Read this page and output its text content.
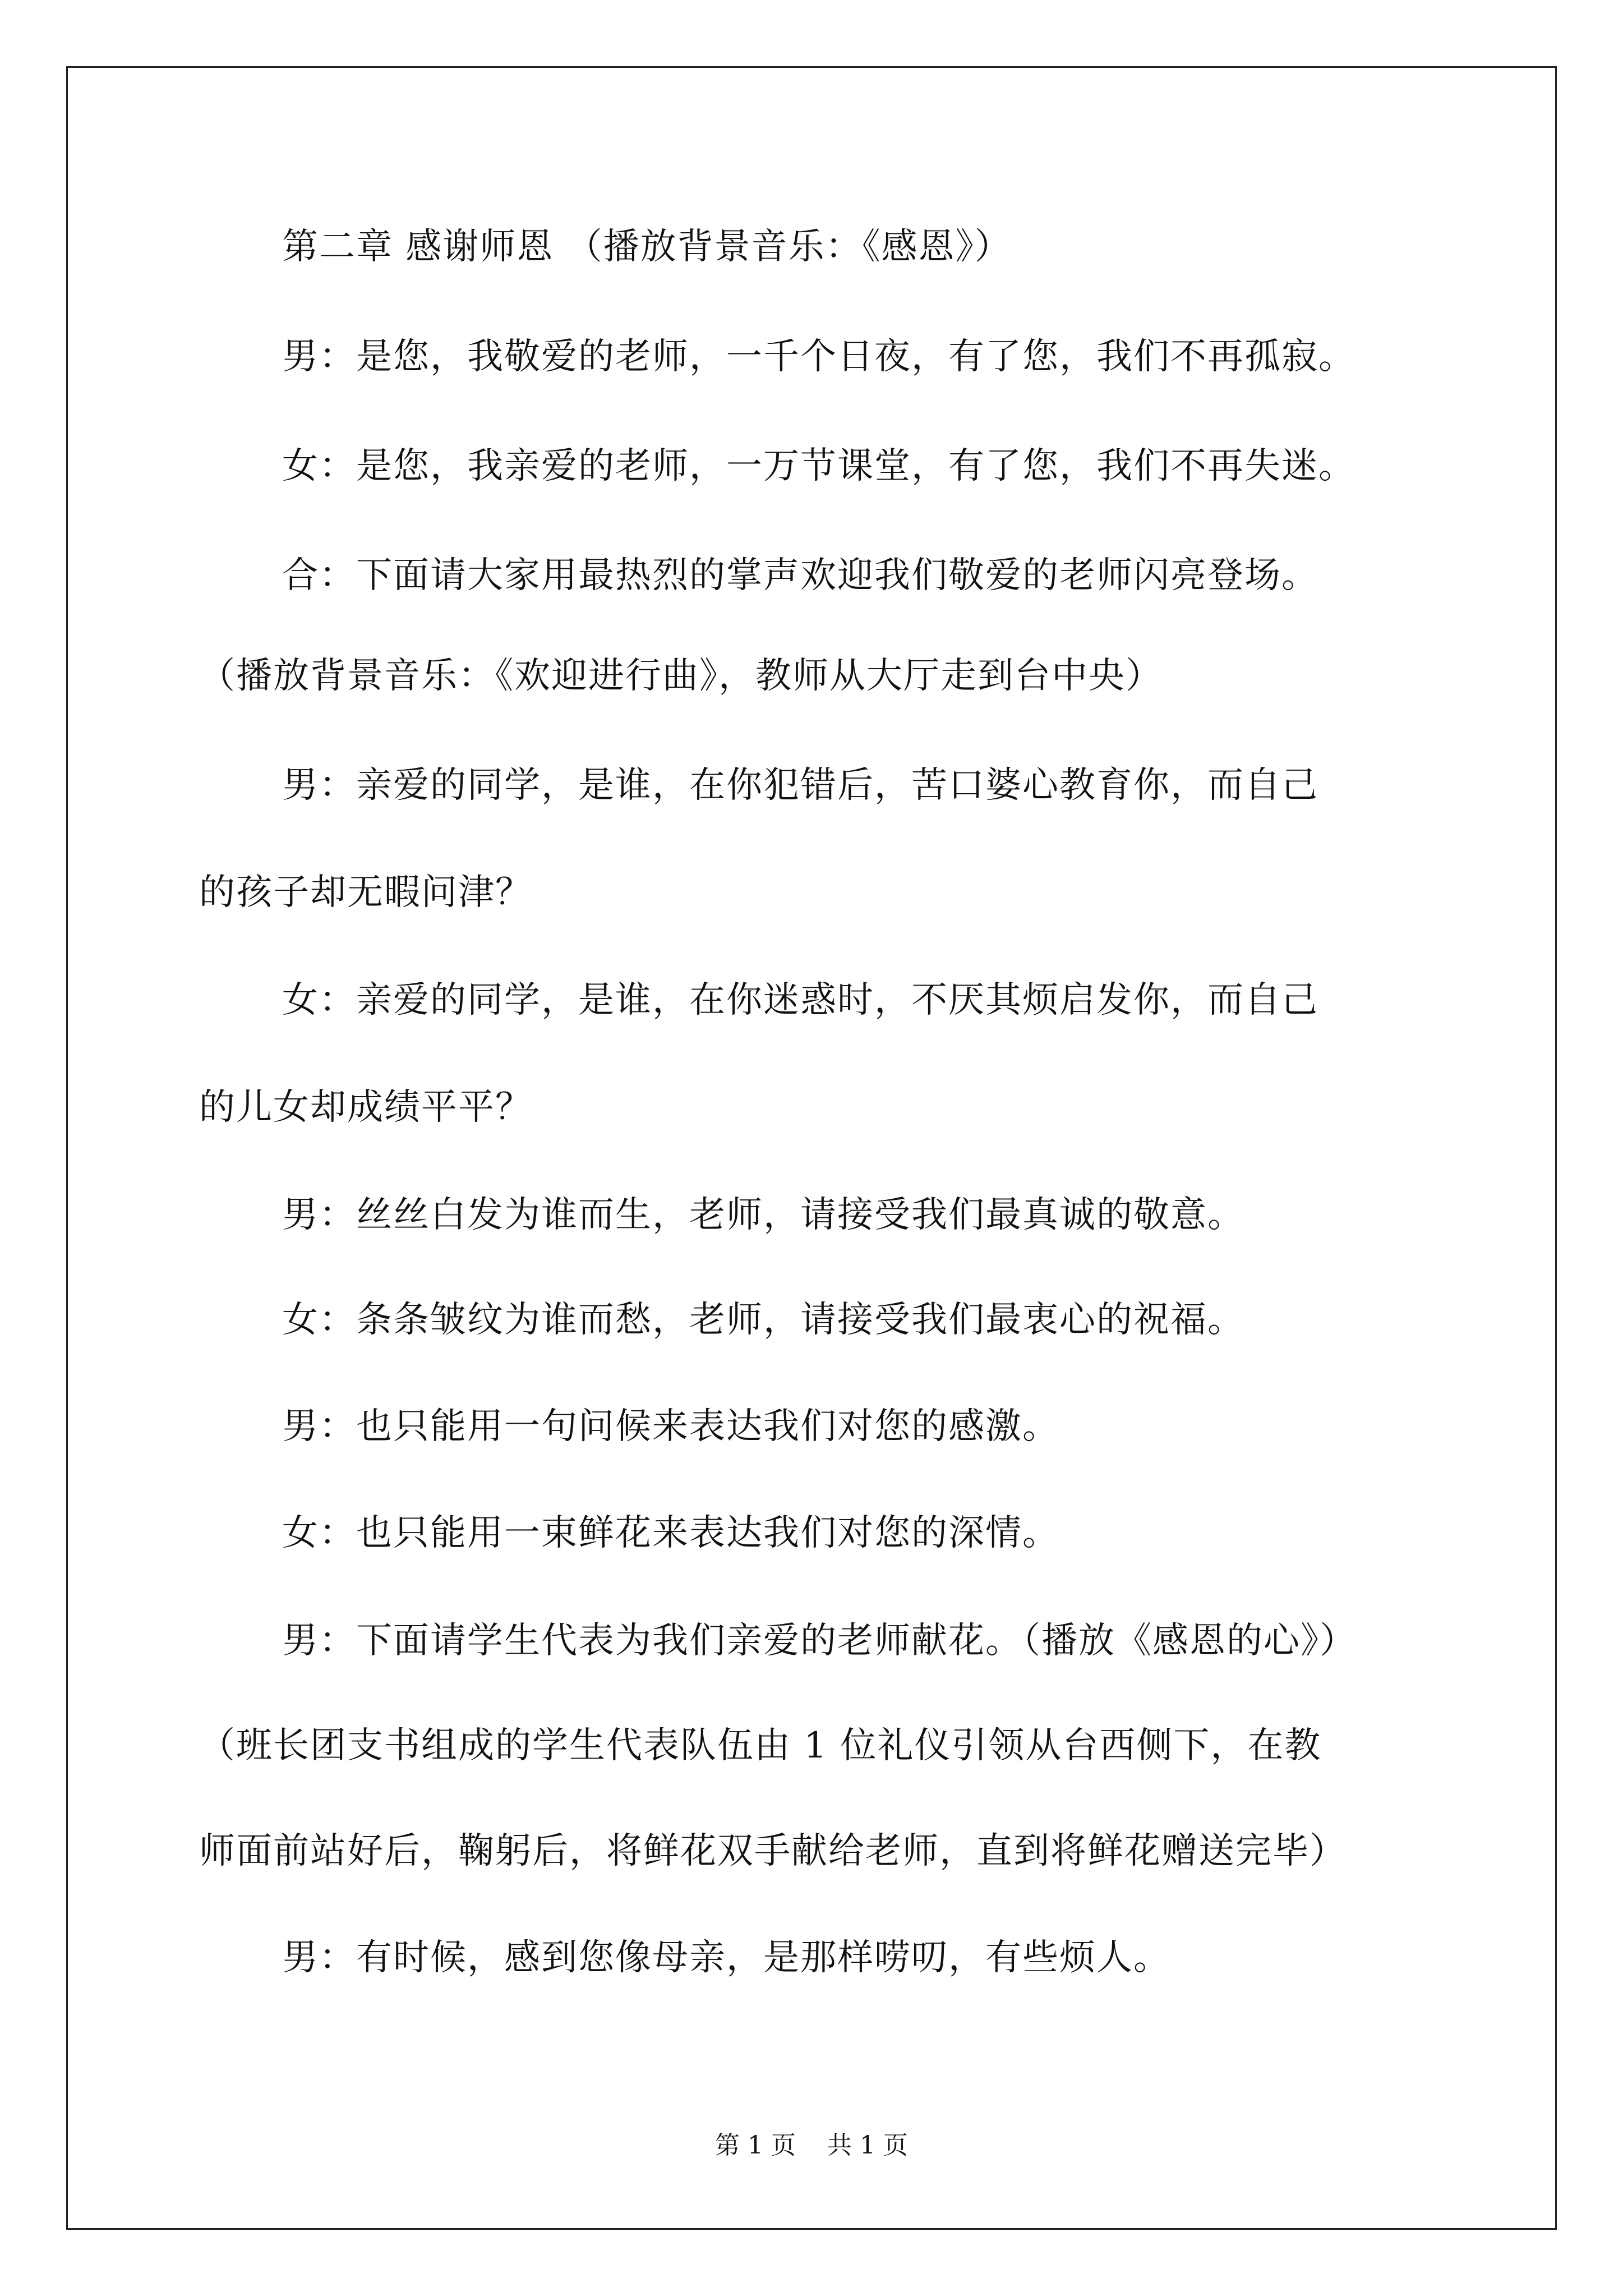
第二章 感谢师恩 （播放背景音乐：《感恩》）
男：是您，我敬爱的老师，一千个日夜，有了您，我们不再孤寂。
女：是您，我亲爱的老师，一万节课堂，有了您，我们不再失迷。
合：下面请大家用最热烈的掌声欢迎我们敬爱的老师闪亮登场。
（播放背景音乐：《欢迎进行曲》，教师从大厅走到台中央）
男：亲爱的同学，是谁，在你犯错后，苦口婆心教育你，而自己
的孩子却无暇问津？
女：亲爱的同学，是谁，在你迷惑时，不厌其烦启发你，而自己
的儿女却成绩平平？
男：丝丝白发为谁而生，老师，请接受我们最真诚的敬意。
女：条条皱纹为谁而愁，老师，请接受我们最衷心的祝福。
男：也只能用一句问候来表达我们对您的感激。
女：也只能用一束鲜花来表达我们对您的深情。
男：下面请学生代表为我们亲爱的老师献花。（播放《感恩的心》）
（班长团支书组成的学生代表队伍由 1 位礼仪引领从台西侧下，在教
师面前站好后，鞠躬后，将鲜花双手献给老师，直到将鲜花赠送完毕）
男：有时候，感到您像母亲，是那样唠叨，有些烦人。
第 1 页    共 1 页
